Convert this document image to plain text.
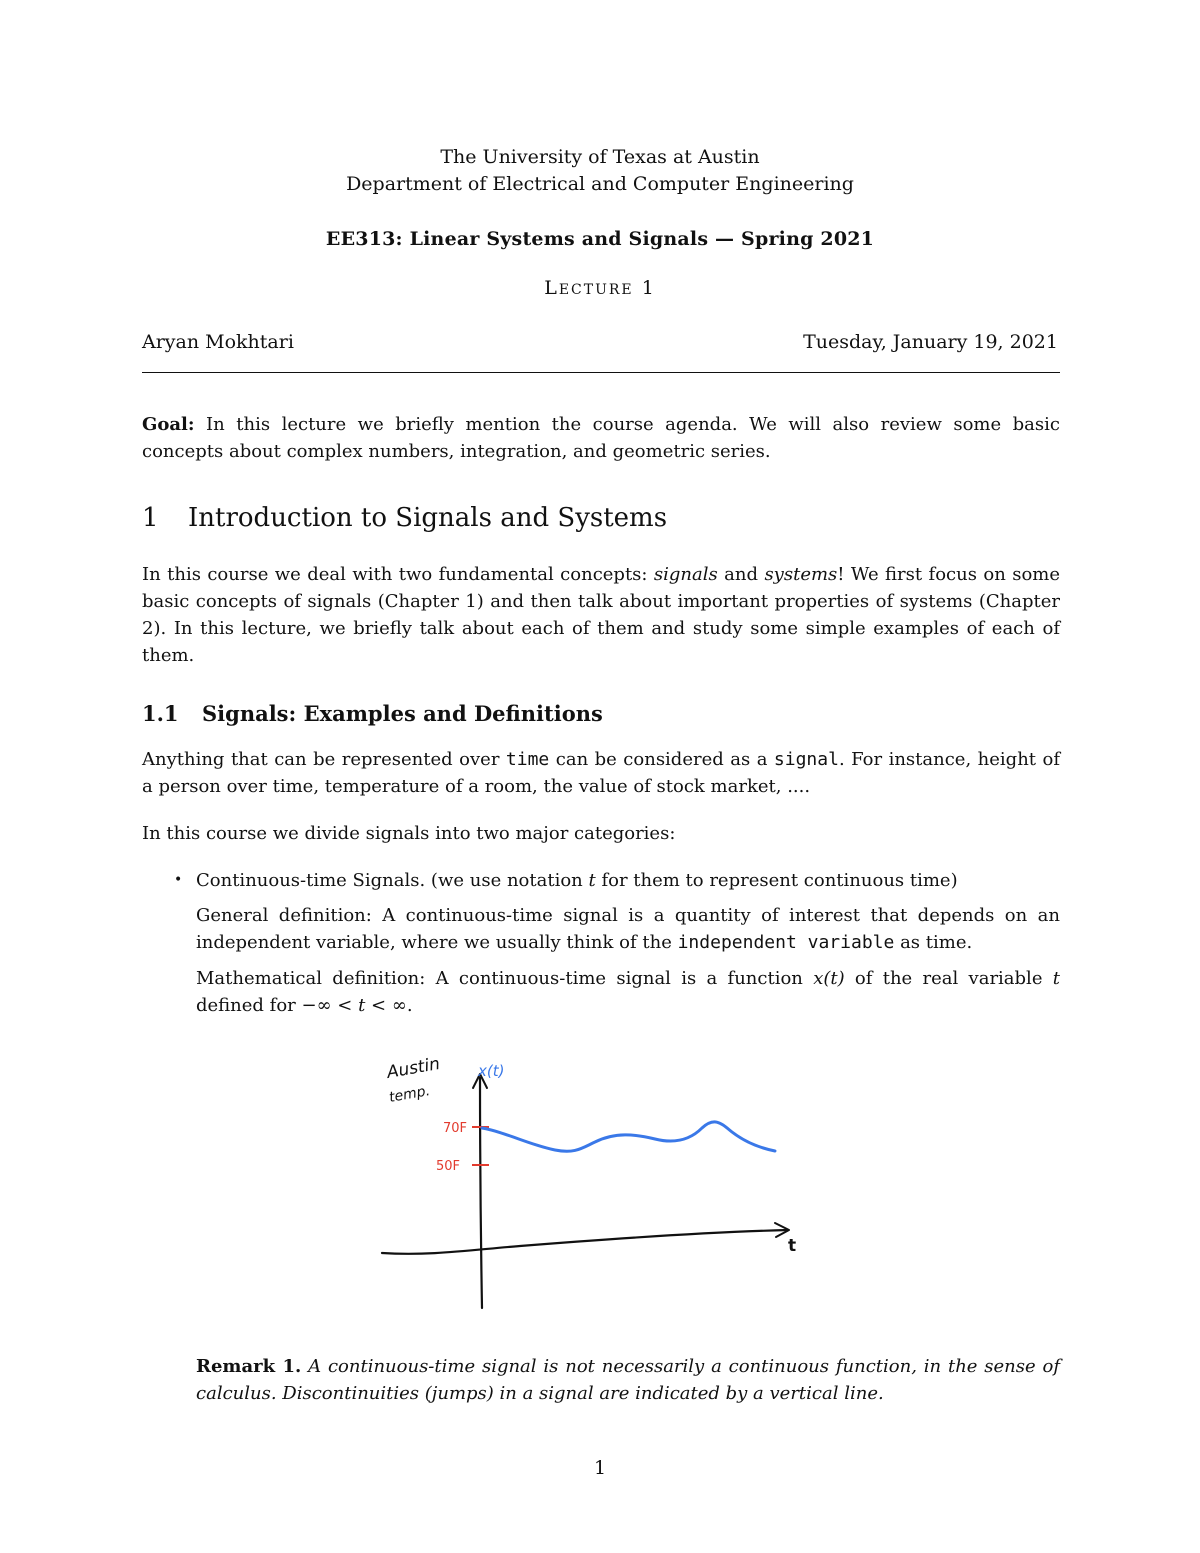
The University of Texas at Austin
Department of Electrical and Computer Engineering
EE313: Linear Systems and Signals — Spring 2021
LECTURE 1
Aryan Mokhtari	Tuesday, January 19, 2021
Goal: In this lecture we briefly mention the course agenda. We will also review some basic concepts about complex numbers, integration, and geometric series.
1 Introduction to Signals and Systems
In this course we deal with two fundamental concepts: signals and systems! We first focus on some basic concepts of signals (Chapter 1) and then talk about important properties of systems (Chapter 2). In this lecture, we briefly talk about each of them and study some simple examples of each of them.
1.1 Signals: Examples and Definitions
Anything that can be represented over time can be considered as a signal. For instance, height of a person over time, temperature of a room, the value of stock market, ....
In this course we divide signals into two major categories:
• Continuous-time Signals. (we use notation t for them to represent continuous time)
General definition: A continuous-time signal is a quantity of interest that depends on an independent variable, where we usually think of the independent variable as time.
Mathematical definition: A continuous-time signal is a function x(t) of the real variable t defined for −∞ < t < ∞.
Austin
temp.
x(t)
70F
50F
t
Remark 1. A continuous-time signal is not necessarily a continuous function, in the sense of calculus. Discontinuities (jumps) in a signal are indicated by a vertical line.
1
